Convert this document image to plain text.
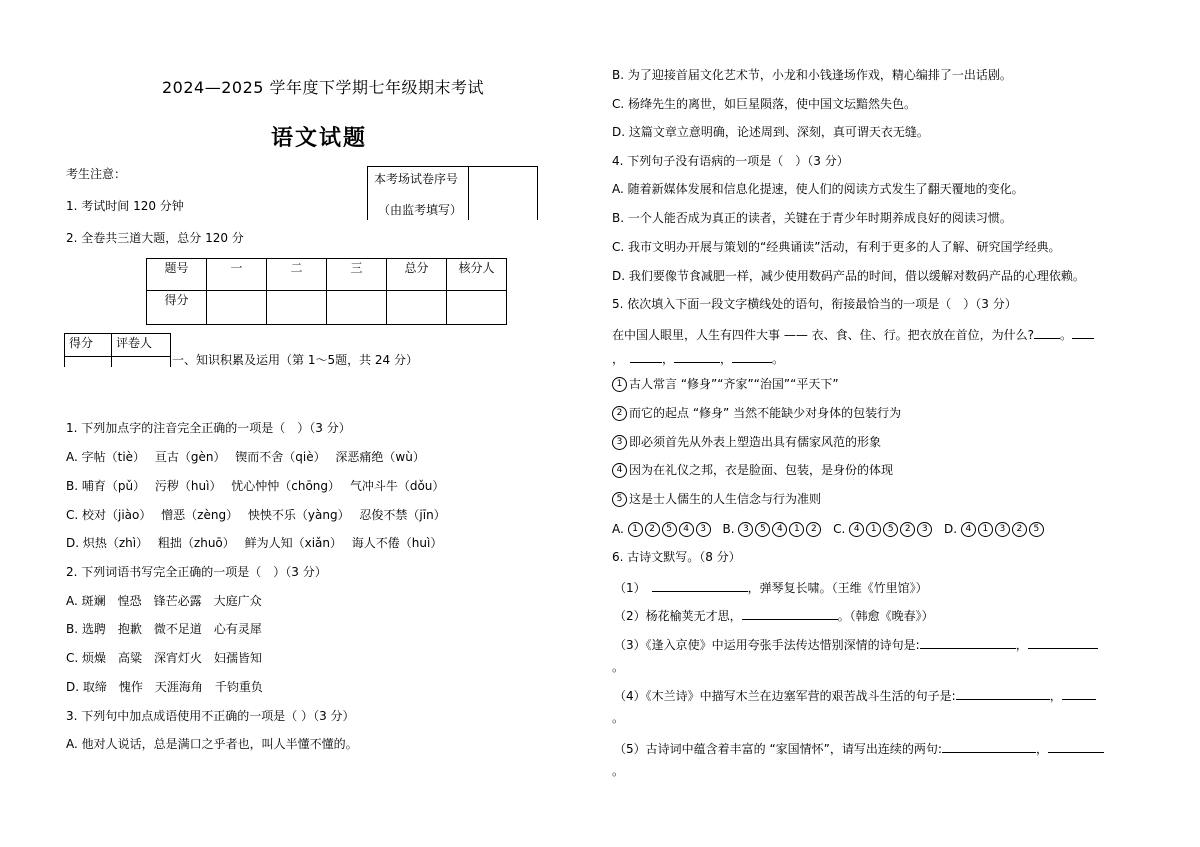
2024—2025 学年度下学期七年级期末考试
语文试题
考生注意：
1. 考试时间 120 分钟
2. 全卷共三道大题，总分 120 分
本考场试卷序号
（由监考填写）
题号	一	二	三	总分	核分人
得分					
得分	评卷人

一、知识积累及运用（第 1～5题，共 24 分）
1. 下列加点字的注音完全正确的一项是（　）（3 分）
A. 字帖（tiè）　 亘古（gèn）　 锲而不舍（qiè）　 深恶痛绝（wù）
B. 哺育（pǔ）　 污秽（huì）　 忧心忡忡（chōng）　 气冲斗牛（dǒu）
C. 校对（jiào）　 憎恶（zèng）　 怏怏不乐（yàng）　 忍俊不禁（jīn）
D. 炽热（zhì）　 粗拙（zhuō）　 鲜为人知（xiǎn）　 诲人不倦（huì）
2. 下列词语书写完全正确的一项是（　）（3 分）
A. 斑斓　惶恐　锋芒必露　大庭广众
B. 选聘　抱歉　微不足道　心有灵犀
C. 烦燥　高粱　深宵灯火　妇孺皆知
D. 取缔　愧作　天涯海角　千钧重负
3. 下列句中加点成语使用不正确的一项是（ ）（3 分）
A. 他对人说话，总是满口之乎者也，叫人半懂不懂的。
B. 为了迎接首届文化艺术节，小龙和小钱逢场作戏，精心编排了一出话剧。
C. 杨绛先生的离世，如巨星陨落，使中国文坛黯然失色。
D. 这篇文章立意明确，论述周到、深刻，真可谓天衣无缝。
4. 下列句子没有语病的一项是（　）（3 分）
A. 随着新媒体发展和信息化提速，使人们的阅读方式发生了翻天覆地的变化。
B. 一个人能否成为真正的读者，关键在于青少年时期养成良好的阅读习惯。
C. 我市文明办开展与策划的“经典诵读”活动，有利于更多的人了解、研究国学经典。
D. 我们要像节食减肥一样，减少使用数码产品的时间，借以缓解对数码产品的心理依赖。
5. 依次填入下面一段文字横线处的语句，衔接最恰当的一项是（　）（3 分）
在中国人眼里，人生有四件大事 —— 衣、食、住、行。把衣放在首位，为什么? 。
，	，	，	。
1 古人常言 “修身”“齐家”“治国”“平天下”
2 而它的起点 “修身” 当然不能缺少对身体的包装行为
3 即必须首先从外表上塑造出具有儒家风范的形象
4 因为在礼仪之邦，衣是脸面、包装，是身份的体现
5 这是士人儒生的人生信念与行为准则
A. 1 2 5 4 3 B. 3 5 4 1 2 C. 4 1 5 2 3 D. 4 1 3 2 5
6. 古诗文默写。（8 分）
（1）	，弹琴复长啸。（王维《竹里馆》）
（2）杨花榆荚无才思，	。（韩愈《晚春》）
（3）《逢入京使》中运用夸张手法传达惜别深情的诗句是:	，
。
（4）《木兰诗》中描写木兰在边塞军营的艰苦战斗生活的句子是:	，
。
（5）古诗词中蕴含着丰富的 “家国情怀”，请写出连续的两句:	，
。
